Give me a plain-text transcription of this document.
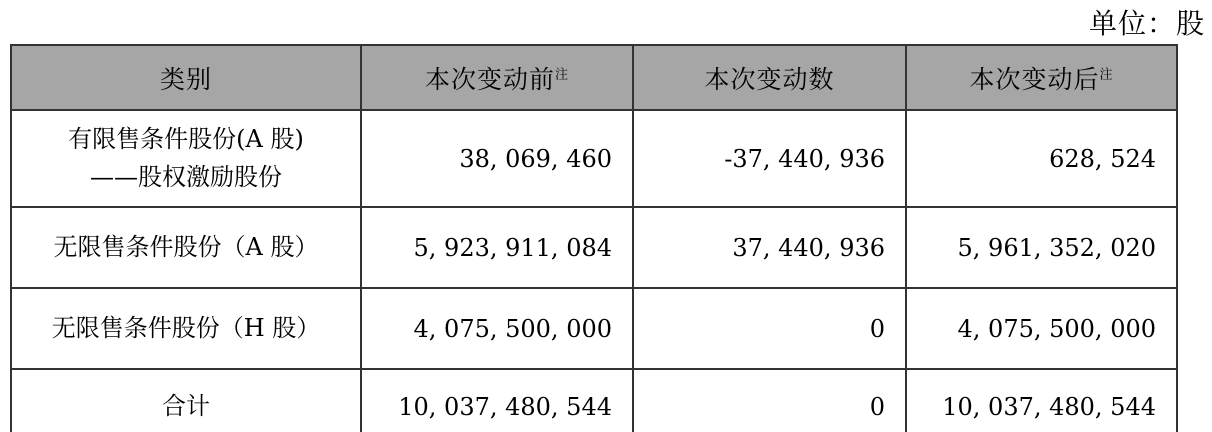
单位：股
类别	本次变动前$^注$	本次变动数	本次变动后$^注$

有限售条件股份(A 股)
——股权激励股份	38, 069, 460	-37, 440, 936	628, 524

无限售条件股份（A 股）	5, 923, 911, 084	37, 440, 936	5, 961, 352, 020

无限售条件股份（H 股）	4, 075, 500, 000	0	4, 075, 500, 000

合计	10, 037, 480, 544	0	10, 037, 480, 544
